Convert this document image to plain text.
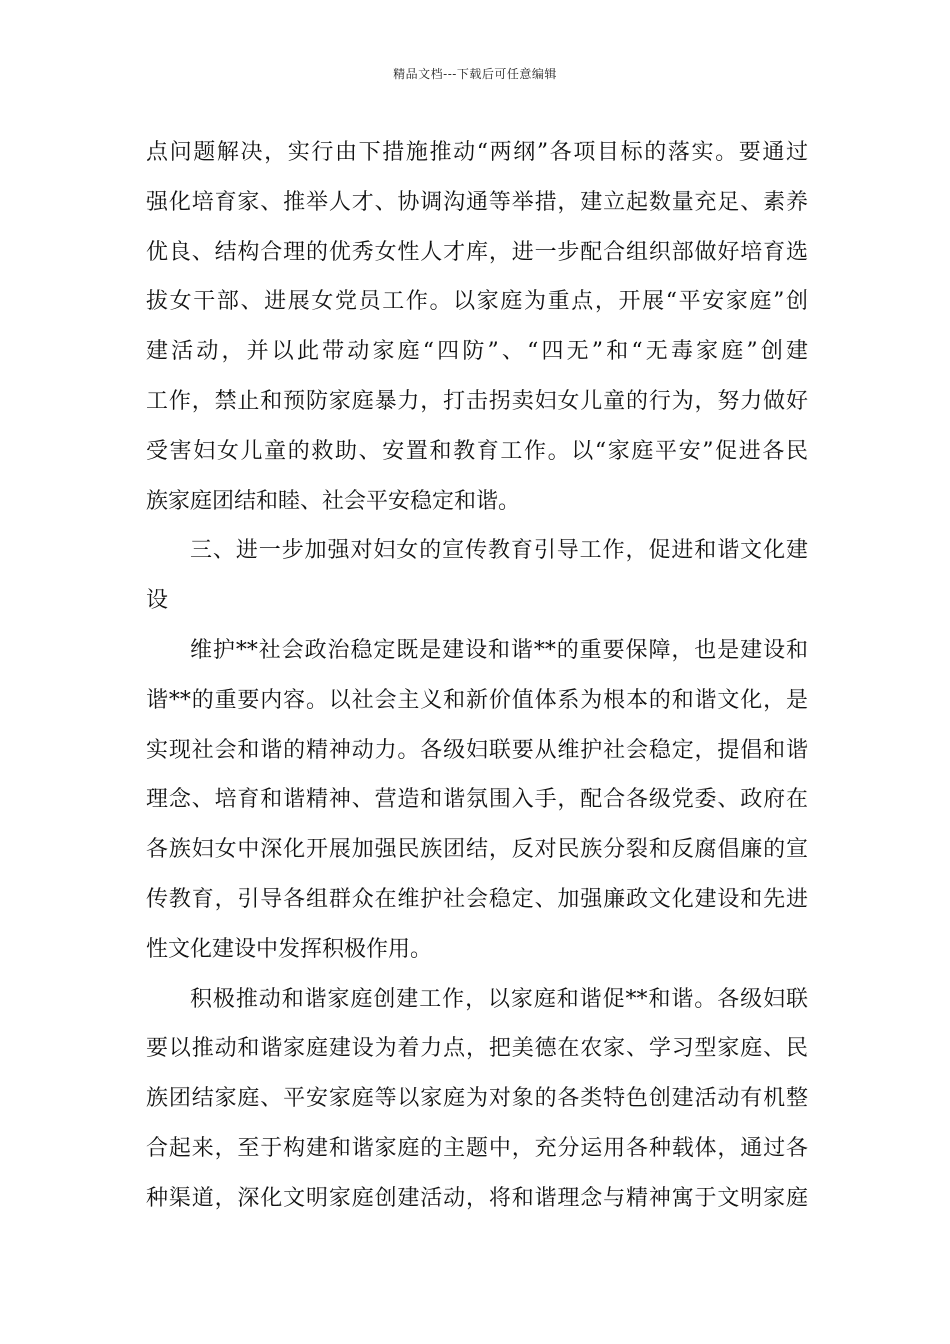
精品文档---下载后可任意编辑
点问题解决，实行由下措施推动“两纲”各项目标的落实。要通过
强化培育家、推举人才、协调沟通等举措，建立起数量充足、素养
优良、结构合理的优秀女性人才库，进一步配合组织部做好培育选
拔女干部、进展女党员工作。以家庭为重点，开展“平安家庭”创
建活动，并以此带动家庭“四防”、“四无”和“无毒家庭”创建
工作，禁止和预防家庭暴力，打击拐卖妇女儿童的行为，努力做好
受害妇女儿童的救助、安置和教育工作。以“家庭平安”促进各民
族家庭团结和睦、社会平安稳定和谐。
三、进一步加强对妇女的宣传教育引导工作，促进和谐文化建
设
维护**社会政治稳定既是建设和谐**的重要保障，也是建设和
谐**的重要内容。以社会主义和新价值体系为根本的和谐文化，是
实现社会和谐的精神动力。各级妇联要从维护社会稳定，提倡和谐
理念、培育和谐精神、营造和谐氛围入手，配合各级党委、政府在
各族妇女中深化开展加强民族团结，反对民族分裂和反腐倡廉的宣
传教育，引导各组群众在维护社会稳定、加强廉政文化建设和先进
性文化建设中发挥积极作用。
积极推动和谐家庭创建工作，以家庭和谐促**和谐。各级妇联
要以推动和谐家庭建设为着力点，把美德在农家、学习型家庭、民
族团结家庭、平安家庭等以家庭为对象的各类特色创建活动有机整
合起来，至于构建和谐家庭的主题中，充分运用各种载体，通过各
种渠道，深化文明家庭创建活动，将和谐理念与精神寓于文明家庭
